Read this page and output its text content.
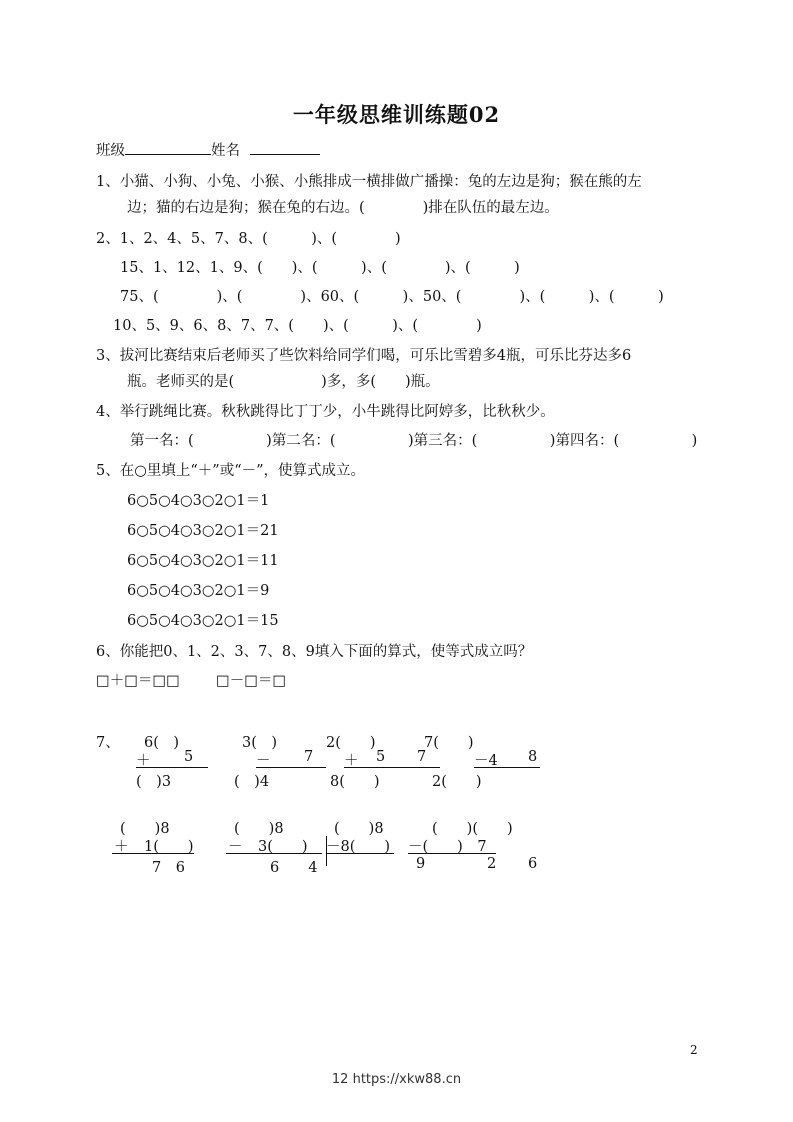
一年级思维训练题02
班级	姓名
1、小猫、小狗、小兔、小猴、小熊排成一横排做广播操：兔的左边是狗；猴在熊的左
边；猫的右边是狗；猴在兔的右边。(　　　　)排在队伍的最左边。
2、1、2、4、5、7、8、(　　　)、(　　　　)
15、1、12、1、9、(　　)、(　　　)、(　　　　)、(　　　)
75、(　　　　)、(　　　　)、60、(　　　)、50、(　　　　)、(　　　)、(　　　)
10、5、9、6、8、7、7、(　　)、(　　　)、(　　　　)
3、拔河比赛结束后老师买了些饮料给同学们喝，可乐比雪碧多4瓶，可乐比芬达多6
瓶。老师买的是(　　　　　　)多，多(　　)瓶。
4、举行跳绳比赛。秋秋跳得比丁丁少，小牛跳得比阿婷多，比秋秋少。
第一名：(　　　　　)第二名：(　　　　　)第三名：(　　　　　)第四名：(　　　　　)
5、在○里填上“＋”或“－”，使算式成立。
6○5○4○3○2○1＝1
6○5○4○3○2○1＝21
6○5○4○3○2○1＝11
6○5○4○3○2○1＝9
6○5○4○3○2○1＝15
6、你能把0、1、2、3、7、8、9填入下面的算式，使等式成立吗？
□＋□＝□□ □－□＝□
7、 6(　)
＋ 5
(　)3
3(　)
－ 7
(　)4
2(　　)
＋ 5 7
8(　　)
7(　　)
－4 8
2(　　)
(　　)8
＋ 1(　　)
7　6
(　　)8
－ 3(　　)
6　　4
(　　)8
－8(　　)
(　　)(　　)
－(　　)　7
9	2 6
2
12 https://xkw88.cn
